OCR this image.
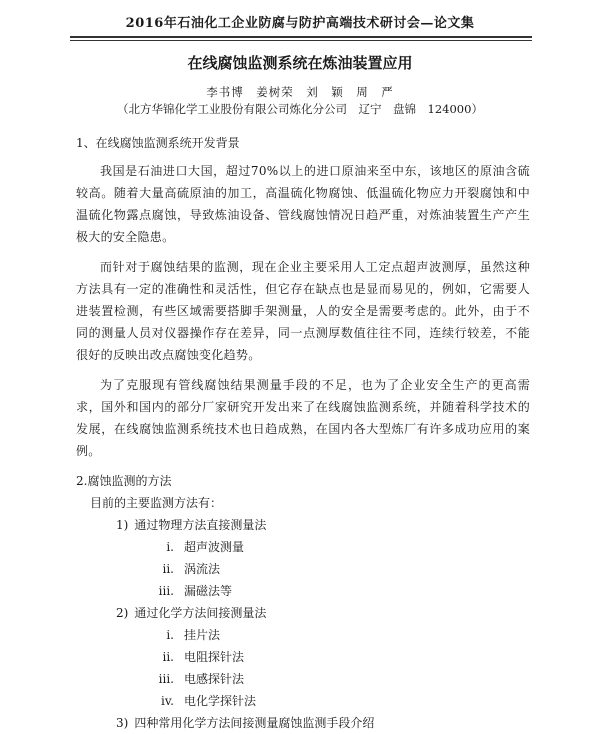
2016年石油化工企业防腐与防护高端技术研讨会—论文集
在线腐蚀监测系统在炼油装置应用
李书博　姜树荣　刘　颖　周　严
（北方华锦化学工业股份有限公司炼化分公司　辽宁　盘锦　124000）

1、在线腐蚀监测系统开发背景

我国是石油进口大国，超过70%以上的进口原油来至中东，该地区的原油含硫较高。随着大量高硫原油的加工，高温硫化物腐蚀、低温硫化物应力开裂腐蚀和中温硫化物露点腐蚀，导致炼油设备、管线腐蚀情况日趋严重，对炼油装置生产产生极大的安全隐患。

而针对于腐蚀结果的监测，现在企业主要采用人工定点超声波测厚，虽然这种方法具有一定的准确性和灵活性，但它存在缺点也是显而易见的，例如，它需要人进装置检测，有些区域需要搭脚手架测量，人的安全是需要考虑的。此外，由于不同的测量人员对仪器操作存在差异，同一点测厚数值往往不同，连续行较差，不能很好的反映出改点腐蚀变化趋势。

为了克服现有管线腐蚀结果测量手段的不足，也为了企业安全生产的更高需求，国外和国内的部分厂家研究开发出来了在线腐蚀监测系统，并随着科学技术的发展，在线腐蚀监测系统技术也日趋成熟，在国内各大型炼厂有许多成功应用的案例。

2.腐蚀监测的方法

目前的主要监测方法有：

1) 通过物理方法直接测量法

i. 超声波测量

ii. 涡流法

iii. 漏磁法等

2) 通过化学方法间接测量法

i. 挂片法

ii. 电阻探针法

iii. 电感探针法

iv. 电化学探针法

3) 四种常用化学方法间接测量腐蚀监测手段介绍
